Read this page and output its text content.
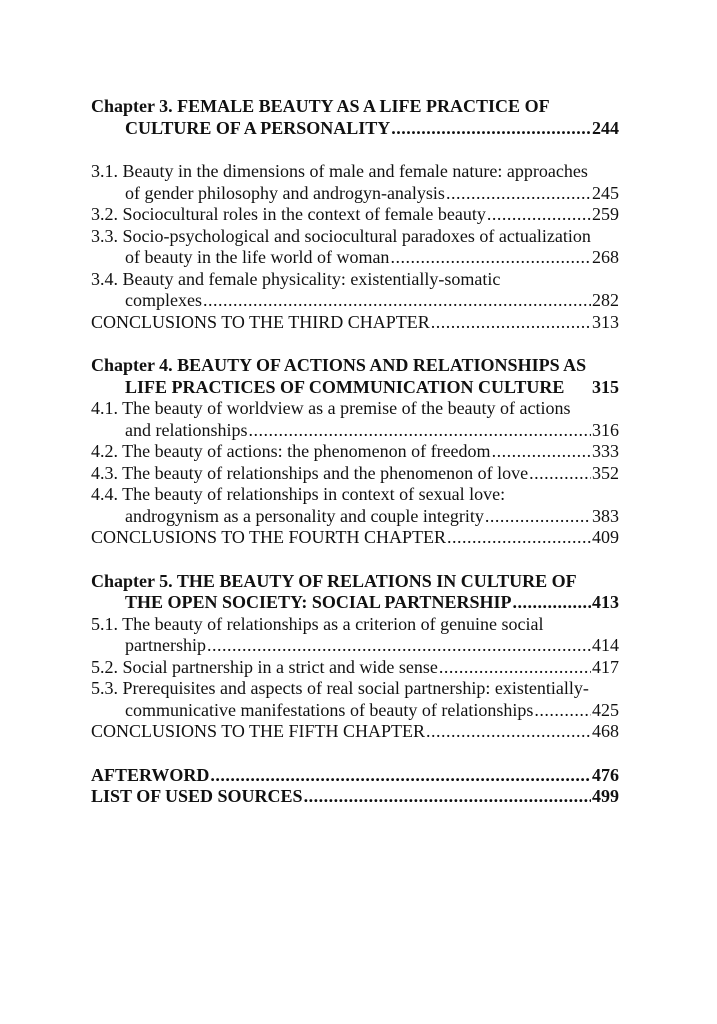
Chapter 3. FEMALE BEAUTY AS A LIFE PRACTICE OF
CULTURE OF A PERSONALITY .....	244
3.1. Beauty in the dimensions of male and female nature: approaches
of gender philosophy and androgyn-analysis .....	245
3.2. Sociocultural roles in the context of female beauty .....	259
3.3. Socio-psychological and sociocultural paradoxes of actualization
of beauty in the life world of woman .....	268
3.4. Beauty and female physicality: existentially-somatic
complexes .....	282
CONCLUSIONS TO THE THIRD CHAPTER .....	313
Chapter 4. BEAUTY OF ACTIONS AND RELATIONSHIPS AS
LIFE PRACTICES OF COMMUNICATION CULTURE 315
4.1. The beauty of worldview as a premise of the beauty of actions
and relationships .....	316
4.2. The beauty of actions: the phenomenon of freedom .....	333
4.3. The beauty of relationships and the phenomenon of love .....	352
4.4. The beauty of relationships in context of sexual love:
androgynism as a personality and couple integrity .....	383
CONCLUSIONS TO THE FOURTH CHAPTER .....	409
Chapter 5. THE BEAUTY OF RELATIONS IN CULTURE OF
THE OPEN SOCIETY: SOCIAL PARTNERSHIP .....	413
5.1. The beauty of relationships as a criterion of genuine social
partnership .....	414
5.2. Social partnership in a strict and wide sense .....	417
5.3. Prerequisites and aspects of real social partnership: existentially-
communicative manifestations of beauty of relationships .....	425
CONCLUSIONS TO THE FIFTH CHAPTER .....	468
AFTERWORD .....	476
LIST OF USED SOURCES .....	499
